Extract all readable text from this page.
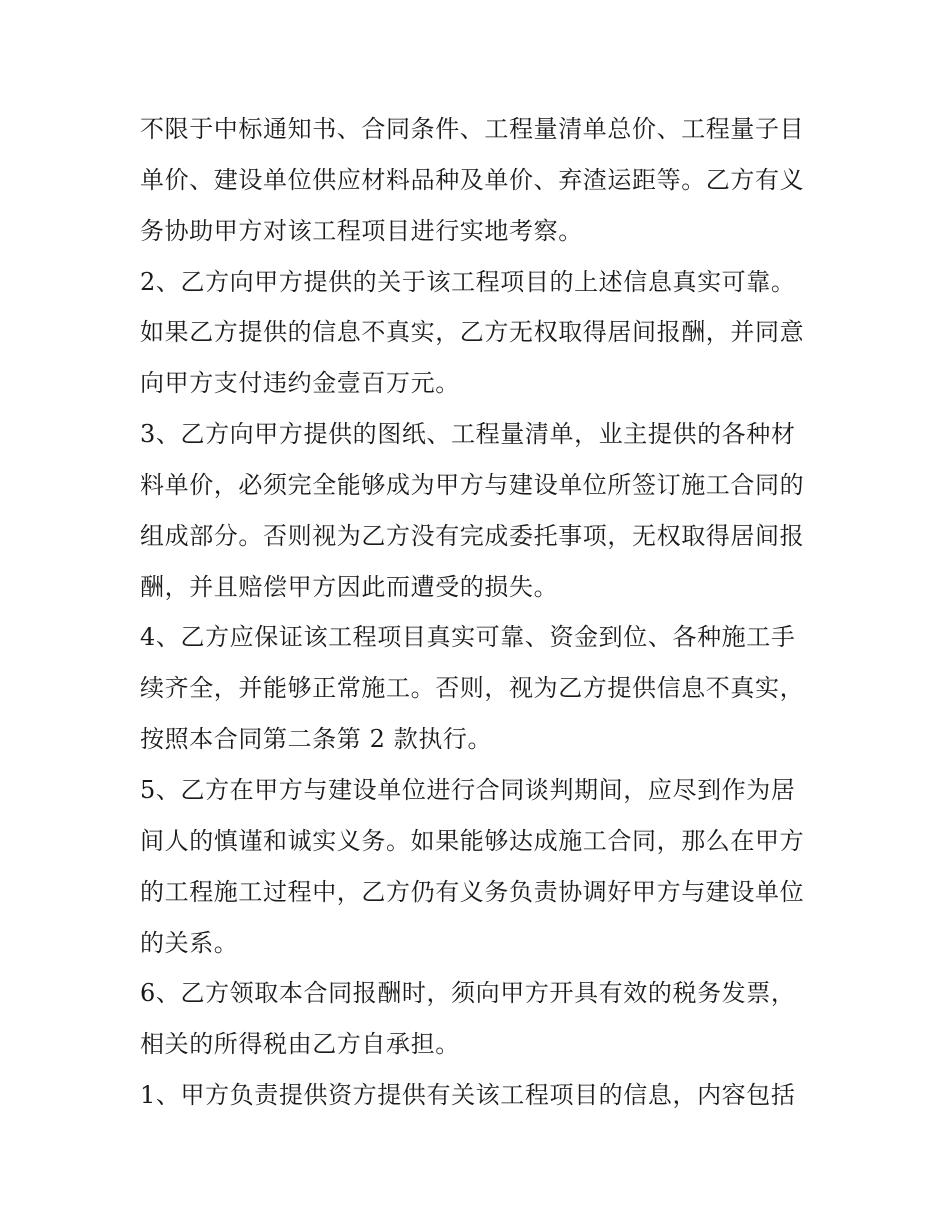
不限于中标通知书、合同条件、工程量清单总价、工程量子目
单价、建设单位供应材料品种及单价、弃渣运距等。乙方有义
务协助甲方对该工程项目进行实地考察。
2、乙方向甲方提供的关于该工程项目的上述信息真实可靠。
如果乙方提供的信息不真实，乙方无权取得居间报酬，并同意
向甲方支付违约金壹百万元。
3、乙方向甲方提供的图纸、工程量清单，业主提供的各种材
料单价，必须完全能够成为甲方与建设单位所签订施工合同的
组成部分。否则视为乙方没有完成委托事项，无权取得居间报
酬，并且赔偿甲方因此而遭受的损失。
4、乙方应保证该工程项目真实可靠、资金到位、各种施工手
续齐全，并能够正常施工。否则，视为乙方提供信息不真实，
按照本合同第二条第 2 款执行。
5、乙方在甲方与建设单位进行合同谈判期间，应尽到作为居
间人的慎谨和诚实义务。如果能够达成施工合同，那么在甲方
的工程施工过程中，乙方仍有义务负责协调好甲方与建设单位
的关系。
6、乙方领取本合同报酬时，须向甲方开具有效的税务发票，
相关的所得税由乙方自承担。
1、甲方负责提供资方提供有关该工程项目的信息，内容包括
